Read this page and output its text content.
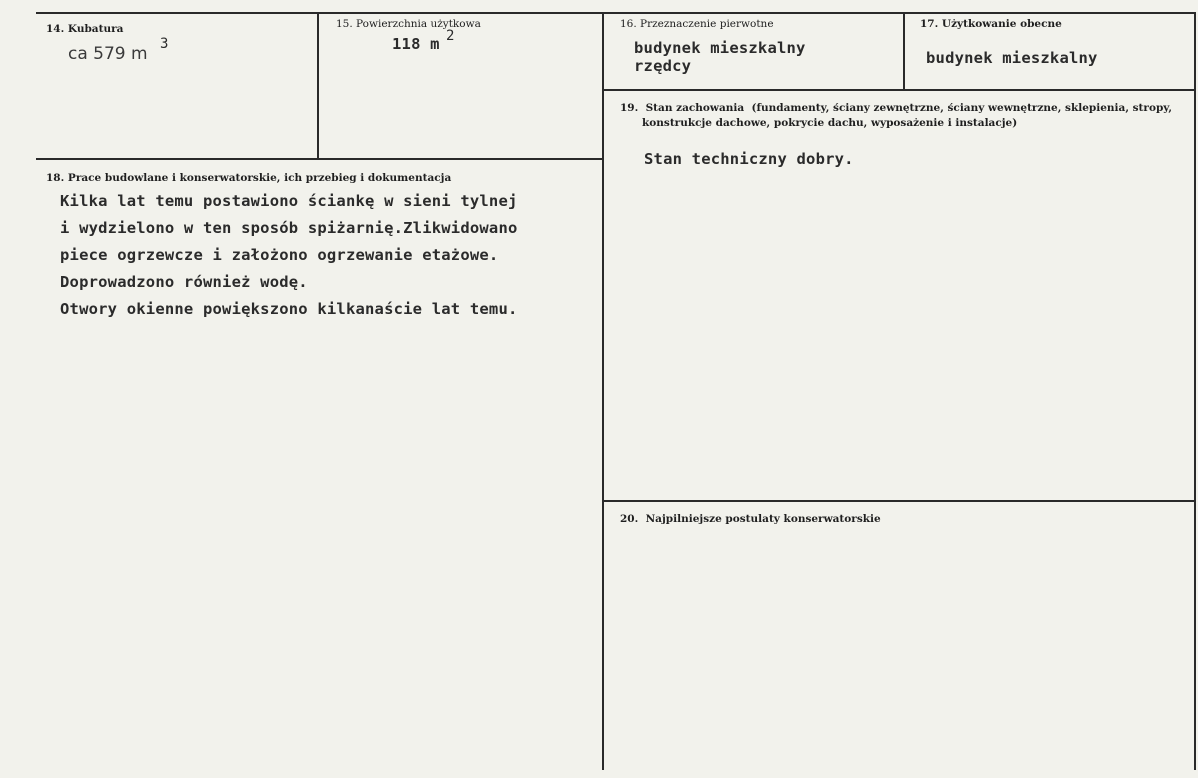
14. Kubatura
ca 579 m 3
15. Powierzchnia użytkowa
118 m 2
16. Przeznaczenie pierwotne
budynek mieszkalny
rzędcy
17. Użytkowanie obecne
budynek mieszkalny
19.  Stan zachowania  (fundamenty, ściany zewnętrzne, ściany wewnętrzne, sklepienia, stropy,
konstrukcje dachowe, pokrycie dachu, wyposażenie i instalacje)
Stan techniczny dobry.
18. Prace budowlane i konserwatorskie, ich przebieg i dokumentacja
Kilka lat temu postawiono ściankę w sieni tylnej
i wydzielono w ten sposób spiżarnię.Zlikwidowano
piece ogrzewcze i założono ogrzewanie etażowe.
Doprowadzono również wodę.
Otwory okienne powiększono kilkanaście lat temu.
20.  Najpilniejsze postulaty konserwatorskie
